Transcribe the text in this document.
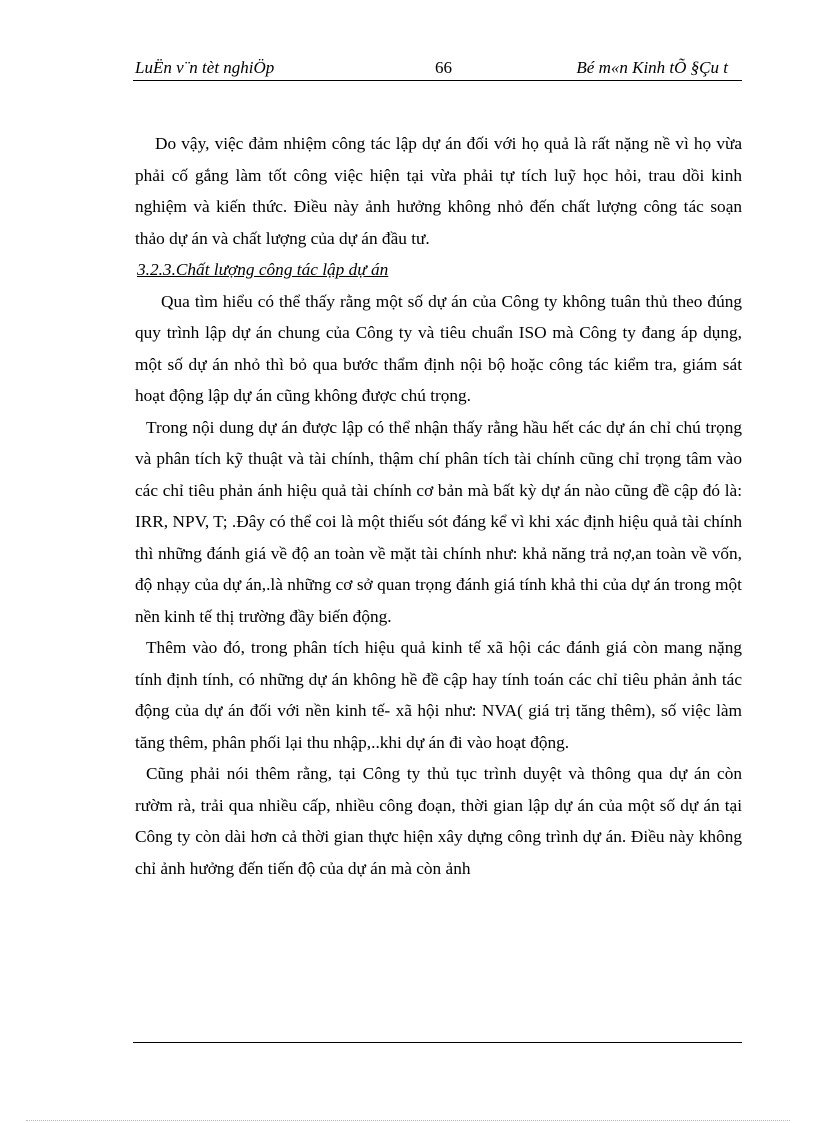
LuËn v¨n tèt nghiÖp	66	Bé m«n Kinh tÕ §Çu t

Do vậy, việc đảm nhiệm công tác lập dự án đối với họ quả là rất nặng nề vì họ vừa phải cố gắng làm tốt công việc hiện tại vừa phải tự tích luỹ học hỏi, trau dồi kinh nghiệm và kiến thức. Điều này ảnh hưởng không nhỏ đến chất lượng công tác soạn thảo dự án và chất lượng của dự án đầu tư.

3.2.3.Chất lượng công tác lập dự án

Qua tìm hiểu có thể thấy rằng một số dự án của Công ty không tuân thủ theo đúng quy trình lập dự án chung của Công ty và tiêu chuẩn ISO mà Công ty đang áp dụng, một số dự án nhỏ thì bỏ qua bước thẩm định nội bộ hoặc công tác kiểm tra, giám sát hoạt động lập dự án cũng không được chú trọng.

Trong nội dung dự án được lập có thể nhận thấy rằng hầu hết các dự án chỉ chú trọng và phân tích kỹ thuật và tài chính, thậm chí phân tích tài chính cũng chỉ trọng tâm vào các chỉ tiêu phản ánh hiệu quả tài chính cơ bản mà bất kỳ dự án nào cũng đề cập đó là: IRR, NPV, T; .Đây có thể coi là một thiếu sót đáng kể vì khi xác định hiệu quả tài chính thì những đánh giá về độ an toàn về mặt tài chính như: khả năng trả nợ,an toàn về vốn, độ nhạy của dự án,.là những cơ sở quan trọng đánh giá tính khả thi của dự án trong một nền kinh tế thị trường đầy biến động.

Thêm vào đó, trong phân tích hiệu quả kinh tế xã hội các đánh giá còn mang nặng tính định tính, có những dự án không hề đề cập hay tính toán các chỉ tiêu phản ảnh tác động của dự án đối với nền kinh tế- xã hội như: NVA( giá trị tăng thêm), số việc làm tăng thêm, phân phối lại thu nhập,..khi dự án đi vào hoạt động.

Cũng phải nói thêm rằng, tại Công ty thủ tục trình duyệt và thông qua dự án còn rườm rà, trải qua nhiều cấp, nhiều công đoạn, thời gian lập dự án của một số dự án tại Công ty còn dài hơn cả thời gian thực hiện xây dựng công trình dự án. Điều này không chỉ ảnh hưởng đến tiến độ của dự án mà còn ảnh
